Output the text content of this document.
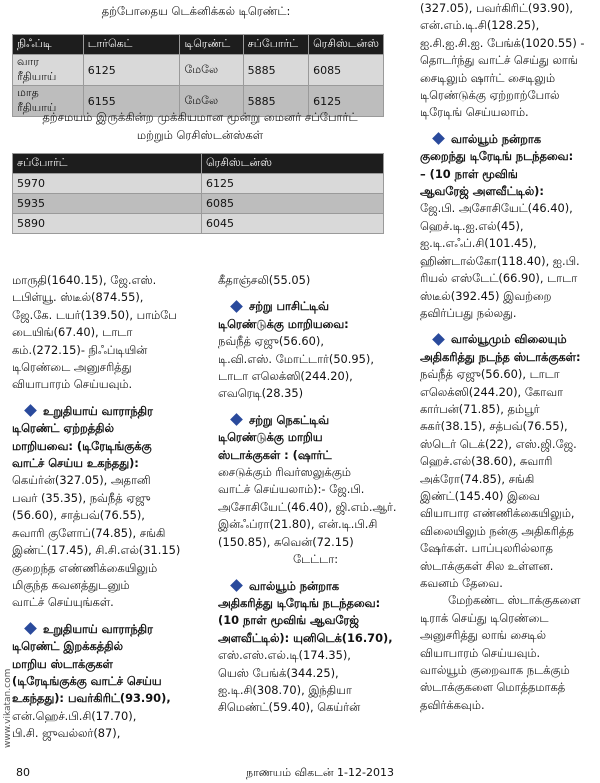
தற்போதைய டெக்னிக்கல் டிரெண்ட்:
நிஃப்டி	டார்கெட்	டிரெண்ட்	சப்போர்ட்	ரெசிஸ்டன்ஸ்
வார ரீதியாய்	6125	மேலே	5885	6085
மாத ரீதியாய்	6155	மேலே	5885	6125
தற்சமயம் இருக்கின்ற முக்கியமான மூன்று மைனர் சப்போர்ட்
மற்றும் ரெசிஸ்டன்ஸ்கள்
சப்போர்ட்	ரெசிஸ்டன்ஸ்
5970	6125
5935	6085
5890	6045

மாருதி(1640.15), ஜே.எஸ்.

டபிள்யூ. ஸ்டீல்(874.55),

ஜே.கே. டயர்(139.50), பாம்பே

டையிங்(67.40), டாடா

கம்.(272.15)- நிஃப்டியின்

டிரெண்டை அனுசரித்து

வியாபாரம் செய்யவும்.

உறுதியாய் வாராந்திர

டிரெண்ட் ஏற்றத்தில்

மாறியவை: (டிரேடிங்குக்கு

வாட்ச் செய்ய உகந்தது):

கெய்ர்ன்(327.05), அதானி

பவர் (35.35), நவ்நீத் ஏஜு

(56.60), சாத்பவ்(76.55),

சுவாரி குளோப்(74.85), சங்கி

இண்ட்(17.45), சி.சி.எல்(31.15)

குறைந்த எண்ணிக்கையிலும்

மிகுந்த கவனத்துடனும்

வாட்ச் செய்யுங்கள்.

உறுதியாய் வாராந்திர

டிரெண்ட் இறக்கத்தில்

மாறிய ஸ்டாக்குகள்

(டிரேடிங்குக்கு வாட்ச் செய்ய

உகந்தது): பவர்கிரிட்(93.90),

என்.ஹெச்.பி.சி(17.70),

பி.சி. ஜுவல்லர்(87),

கீதாஞ்சலி(55.05)

சற்று பாசிட்டிவ்

டிரெண்டுக்கு மாறியவை:

நவ்நீத் ஏஜு(56.60),

டி.வி.எஸ். மோட்டார்(50.95),

டாடா எலெக்ஸி(244.20),

எவரெடி(28.35)

சற்று நெகட்டிவ்

டிரெண்டுக்கு மாறிய

ஸ்டாக்குகள் : (ஷார்ட்

சைடுக்கும் ரிவர்ஸலுக்கும்

வாட்ச் செய்யலாம்):- ஜே.பி.

அசோசியேட்(46.40), ஜி.எம்.ஆர்.

இன்ஃப்ரா(21.80), என்.டி.பி.சி

(150.85), சுவென்(72.15)

டேட்டா:

வால்யூம் நன்றாக

அதிகரித்து டிரேடிங் நடந்தவை:

(10 நாள் மூவிங் ஆவரேஜ்

அளவீட்டில்): யுனிடெக்(16.70),

எஸ்.எஸ்.எல்.டி(174.35),

யெஸ் பேங்க்(344.25),

ஐ.டி.சி(308.70), இந்தியா

சிமெண்ட்(59.40), கெய்ர்ன்

(327.05), பவர்கிரிட்(93.90),

என்.எம்.டி.சி(128.25),

ஐ.சி.ஐ.சி.ஐ. பேங்க்(1020.55) -

தொடர்ந்து வாட்ச் செய்து லாங்

சைடிலும் ஷார்ட் சைடிலும்

டிரெண்டுக்கு ஏற்றாற்போல்

டிரேடிங் செய்யலாம்.

வால்யூம் நன்றாக

குறைந்து டிரேடிங் நடந்தவை:

– (10 நாள் மூவிங்

ஆவரேஜ் அளவீட்டில்):

ஜே.பி. அசோசியேட்(46.40),

ஹெச்.டி.ஐ.எல்(45),

ஐ.டி.எஃப்.சி(101.45),

ஹிண்டால்கோ(118.40), ஐ.பி.

ரியல் எஸ்டேட்(66.90), டாடா

ஸ்டீல்(392.45) இவற்றை

தவிர்ப்பது நல்லது.

வால்யூமும் விலையும்

அதிகரித்து நடந்த ஸ்டாக்குகள்:

நவ்நீத் ஏஜு(56.60), டாடா

எலெக்ஸி(244.20), கோவா

கார்பன்(71.85), தம்பூர்

சுகர்(38.15), சத்பவ்(76.55),

ஸ்டெர் டெக்(22), எஸ்.ஜி.ஜே.

ஹெச்.எல்(38.60), சுவாரி

அக்ரோ(74.85), சங்கி

இண்ட்(145.40) இவை

வியாபார எண்ணிக்கையிலும்,

விலையிலும் நன்கு அதிகரித்த

ஷேர்கள். பாப்புலரில்லாத

ஸ்டாக்குகள் சில உள்ளன.

கவனம் தேவை.

மேற்கண்ட ஸ்டாக்குகளை

டிராக் செய்து டிரெண்டை

அனுசரித்து லாங் சைடில்

வியாபாரம் செய்யவும்.

வால்யூம் குறைவாக நடக்கும்

ஸ்டாக்குகளை மொத்தமாகத்

தவிர்க்கவும்.

www.vikatan.com
80	நாணயம் விகடன் 1-12-2013
